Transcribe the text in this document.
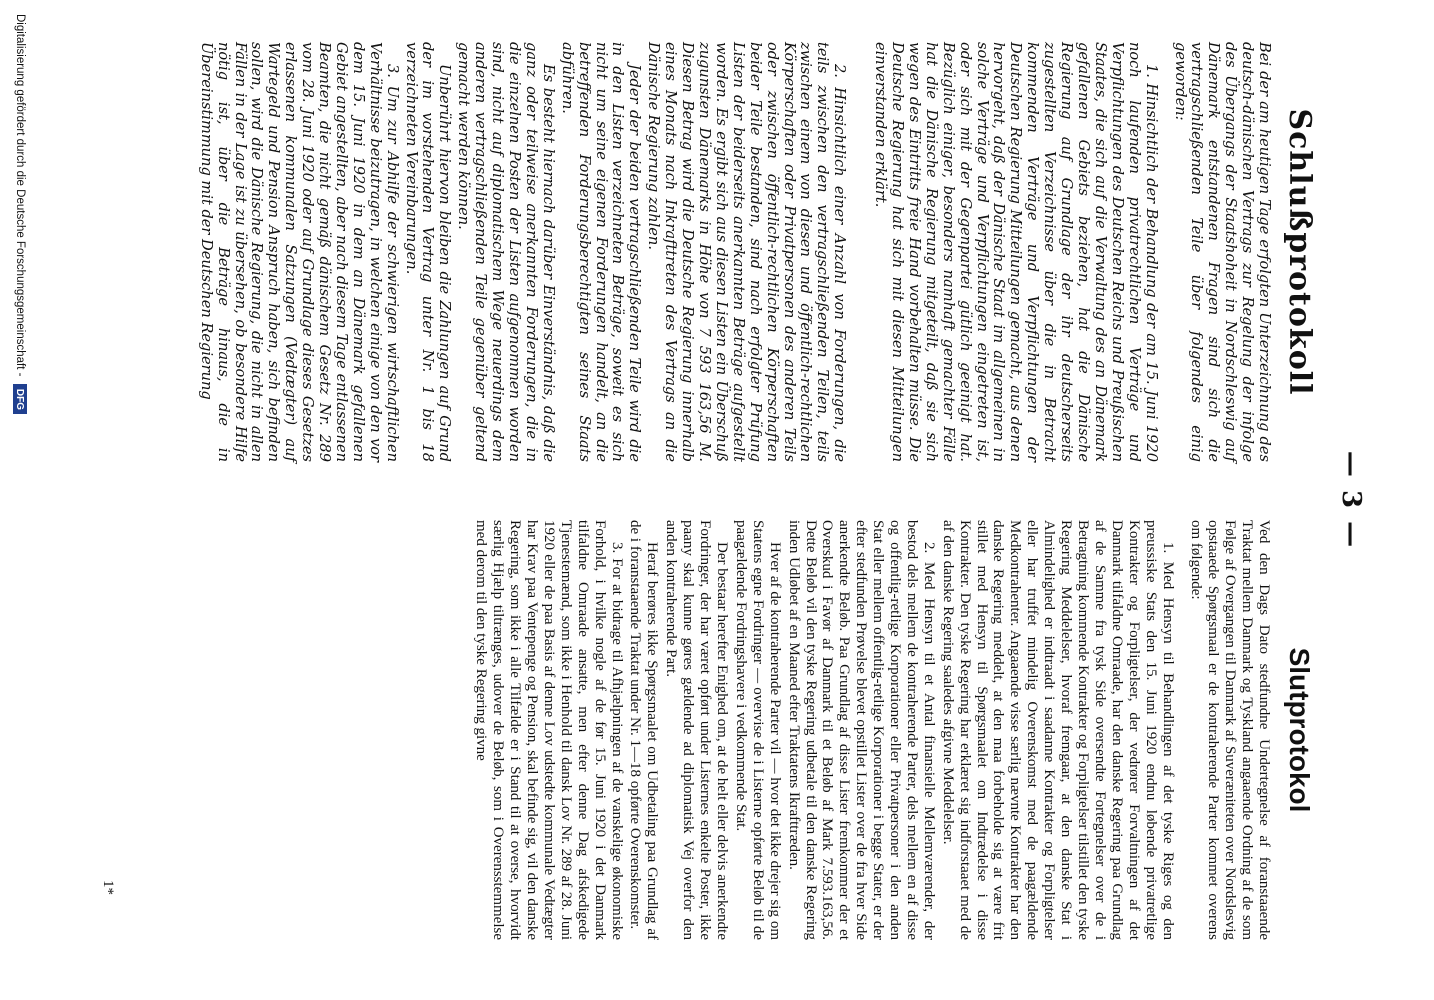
— 3 —
Schlußprotokoll

Bei der am heutigen Tage erfolgten Unterzeichnung des deutsch-dänischen Vertrags zur Regelung der infolge des Übergangs der Staatshoheit in Nordschleswig auf Dänemark entstandenen Fragen sind sich die vertragschließenden Teile über folgendes einig geworden:

1. Hinsichtlich der Behandlung der am 15. Juni 1920 noch laufenden privatrechtlichen Verträge und Verpflichtungen des Deutschen Reichs und Preußischen Staates, die sich auf die Verwaltung des an Dänemark gefallenen Gebiets beziehen, hat die Dänische Regierung auf Grundlage der ihr deutscherseits zugestellten Verzeichnisse über die in Betracht kommenden Verträge und Verpflichtungen der Deutschen Regierung Mitteilungen gemacht, aus denen hervorgeht, daß der Dänische Staat im allgemeinen in solche Verträge und Verpflichtungen eingetreten ist, oder sich mit der Gegenpartei gütlich geeinigt hat. Bezüglich einiger, besonders namhaft gemachter Fälle hat die Dänische Regierung mitgeteilt, daß sie sich wegen des Eintritts freie Hand vorbehalten müsse. Die Deutsche Regierung hat sich mit diesen Mitteilungen einverstanden erklärt.

2. Hinsichtlich einer Anzahl von Forderungen, die teils zwischen den vertragschließenden Teilen, teils zwischen einem von diesen und öffentlich-rechtlichen Körperschaften oder Privatpersonen des anderen Teils oder zwischen öffentlich-rechtlichen Körperschaften beider Teile bestanden, sind nach erfolgter Prüfung Listen der beiderseits anerkannten Beträge aufgestellt worden. Es ergibt sich aus diesen Listen ein Überschuß zugunsten Dänemarks in Höhe von 7 593 163,56 M. Diesen Betrag wird die Deutsche Regierung innerhalb eines Monats nach Inkrafttreten des Vertrags an die Dänische Regierung zahlen.

Jeder der beiden vertragschließenden Teile wird die in den Listen verzeichneten Beträge, soweit es sich nicht um seine eigenen Forderungen handelt, an die betreffenden Forderungsberechtigten seines Staats abführen.

Es besteht hiernach darüber Einverständnis, daß die ganz oder teilweise anerkannten Forderungen, die in die einzelnen Posten der Listen aufgenommen worden sind, nicht auf diplomatischem Wege neuerdings dem anderen vertragschließenden Teile gegenüber geltend gemacht werden können.

Unberührt hiervon bleiben die Zahlungen auf Grund der im vorstehenden Vertrag unter Nr. 1 bis 18 verzeichneten Vereinbarungen.

3. Um zur Abhilfe der schwierigen wirtschaftlichen Verhältnisse beizutragen, in welchen einige von den vor dem 15. Juni 1920 in dem an Dänemark gefallenen Gebiet angestellten, aber nach diesem Tage entlassenen Beamten, die nicht gemäß dänischem Gesetz Nr. 289 vom 28. Juni 1920 oder auf Grundlage dieses Gesetzes erlassenen kommunalen Satzungen (Vedtægter) auf Wartegeld und Pension Anspruch haben, sich befinden sollen, wird die Dänische Regierung, die nicht in allen Fällen in der Lage ist zu übersehen, ob besondere Hilfe nötig ist, über die Beträge hinaus, die in Übereinstimmung mit der Deutschen Regierung

Slutprotokol

Ved den Dags Dato stedfundne Undertegnelse af foranstaaende Traktat mellem Danmark og Tyskland angaaende Ordning af de som Følge af Overgangen til Danmark af Suveræniteten over Nordslesvig opstaaede Spørgsmaal er de kontraherende Parter kommet overens om følgende:

1. Med Hensyn til Behandlingen af det tyske Riges og den preussiske Stats den 15. Juni 1920 endnu løbende privatretlige Kontrakter og Forpligtelser, der vedrører Forvaltningen af det Danmark tilfaldne Omraade, har den danske Regering paa Grundlag af de Samme fra tysk Side oversendte Fortegnelser over de i Betragtning kommende Kontrakter og Forpligtelser tilstillet den tyske Regering Meddelelser, hvoraf fremgaar, at den danske Stat i Almindelighed er indtraadt i saadanne Kontrakter og Forpligtelser eller har truffet mindelig Overenskomst med de paagældende Medkontrahenter. Angaaende visse særlig nævnte Kontrakter har den danske Regering meddelt, at den maa forbeholde sig at være frit stillet med Hensyn til Spørgsmaalet om Indtrædelse i disse Kontrakter. Den tyske Regering har erklæret sig indforstaaet med de af den danske Regering saaledes afgivne Meddelelser.

2. Med Hensyn til et Antal finansielle Mellemværender, der bestod dels mellem de kontraherende Parter, dels mellem en af disse og offentlig-retlige Korporationer eller Privatpersoner i den anden Stat eller mellem offentlig-retlige Korporationer i begge Stater, er der efter stedfunden Prøvelse blevet opstillet Lister over de fra hver Side anerkendte Beløb. Paa Grundlag af disse Lister fremkommer der et Overskud i Favør af Danmark til et Beløb af Mark 7.593.163,56. Dette Beløb vil den tyske Regering udbetale til den danske Regering inden Udløbet af en Maaned efter Traktatens Ikrafttræden.

Hver af de kontraherende Parter vil — hvor det ikke drejer sig om Statens egne Fordringer — overvise de i Listerne opførte Beløb til de paagældende Fordringshavere i vedkommende Stat.

Der bestaar herefter Enighed om, at de helt eller delvis anerkendte Fordringer, der har været opført under Listernes enkelte Poster, ikke paany skal kunne gøres gældende ad diplomatisk Vej overfor den anden kontraherende Part.

Heraf berøres ikke Spørgsmaalet om Udbetaling paa Grundlag af de i foranstaaende Traktat under Nr. 1—18 opførte Overenskomster.

3. For at bidrage til Afhjælpningen af de vanskelige økonomiske Forhold, i hvilke nogle af de før 15. Juni 1920 i det Danmark tilfaldne Omraade ansatte, men efter denne Dag afskedigede Tjenestemænd, som ikke i Henhold til dansk Lov Nr. 289 af 28. Juni 1920 eller de paa Basis af denne Lov udstedte kommunale Vedtægter har Krav paa Ventepenge og Pension, skal befinde sig, vil den danske Regering, som ikke i alle Tilfælde er i Stand til at overse, hvorvidt særlig Hjælp tiltrænges, udover de Beløb, som i Overensstemmelse med derom til den tyske Regering givne

1*
Digitalisierung gefördert durch die Deutsche Forschungsgemeinschaft -
DFG
